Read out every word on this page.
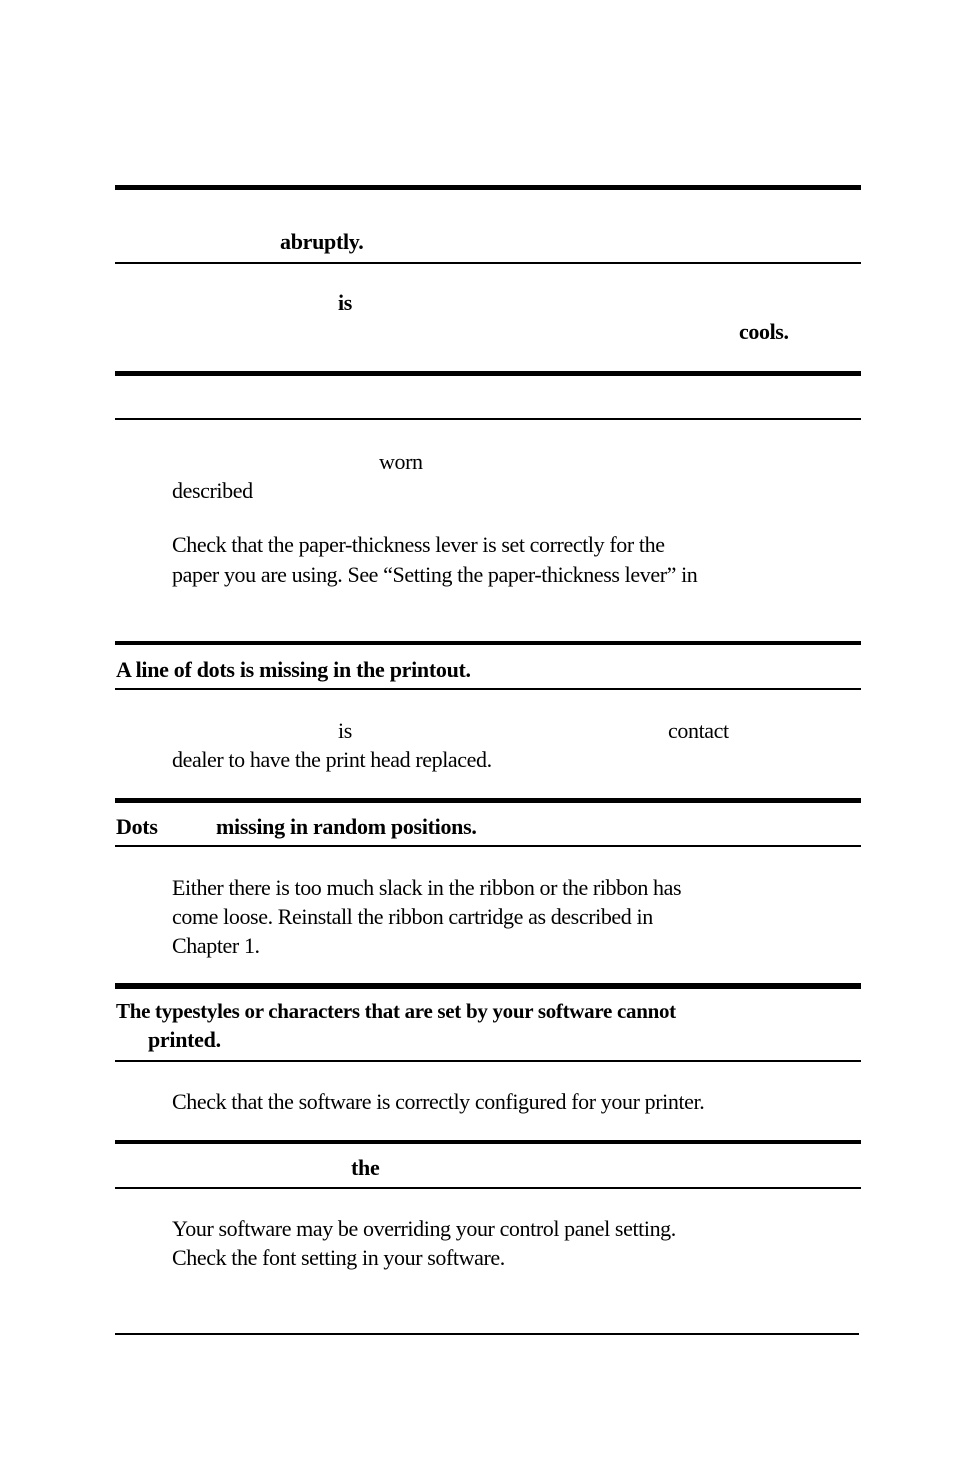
abruptly.
is
cools.
worn
described
Check that the paper-thickness lever is set correctly for the
paper you are using. See “Setting the paper-thickness lever” in
A line of dots is missing in the printout.
is	contact
dealer to have the print head replaced.
Dots	missing in random positions.
Either there is too much slack in the ribbon or the ribbon has
come loose. Reinstall the ribbon cartridge as described in
Chapter 1.
The typestyles or characters that are set by your software cannot
printed.
Check that the software is correctly configured for your printer.
the
Your software may be overriding your control panel setting.
Check the font setting in your software.
